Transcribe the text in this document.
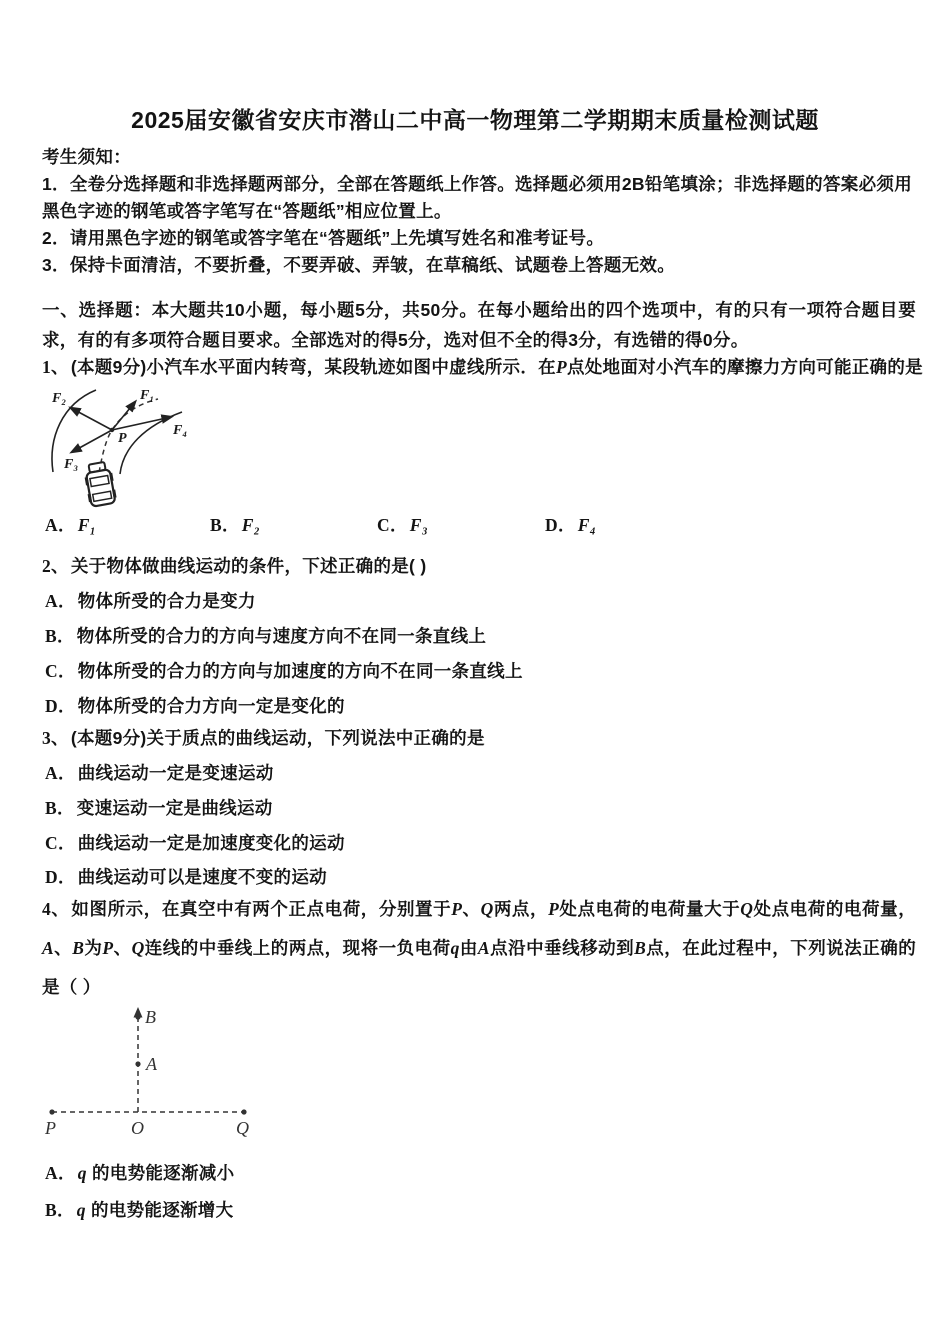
2025届安徽省安庆市潜山二中高一物理第二学期期末质量检测试题
考生须知：
1．全卷分选择题和非选择题两部分，全部在答题纸上作答。选择题必须用2B铅笔填涂；非选择题的答案必须用黑色字迹的钢笔或答字笔写在“答题纸”相应位置上。
2．请用黑色字迹的钢笔或答字笔在“答题纸”上先填写姓名和准考证号。
3．保持卡面清洁，不要折叠，不要弄破、弄皱，在草稿纸、试题卷上答题无效。
一、选择题：本大题共10小题，每小题5分，共50分。在每小题给出的四个选项中，有的只有一项符合题目要求，有的有多项符合题目要求。全部选对的得5分，选对但不全的得3分，有选错的得0分。
1、 (本题9分)小汽车水平面内转弯，某段轨迹如图中虚线所示．在P点处地面对小汽车的摩擦力方向可能正确的是
F₂	F₁
F₄
F₃
P
A． F₁	B． F₂	C． F₃	D． F₄
2、 关于物体做曲线运动的条件，下述正确的是( )
A． 物体所受的合力是变力
B． 物体所受的合力的方向与速度方向不在同一条直线上
C． 物体所受的合力的方向与加速度的方向不在同一条直线上
D． 物体所受的合力方向一定是变化的
3、 (本题9分)关于质点的曲线运动，下列说法中正确的是
A． 曲线运动一定是变速运动
B． 变速运动一定是曲线运动
C． 曲线运动一定是加速度变化的运动
D． 曲线运动可以是速度不变的运动
4、 如图所示，在真空中有两个正点电荷，分别置于P、Q两点，P处点电荷的电荷量大于Q处点电荷的电荷量，A、B为P、Q连线的中垂线上的两点，现将一负电荷q由A点沿中垂线移动到B点，在此过程中，下列说法正确的是（ ）
B
A
P	O	Q
A． q 的电势能逐渐减小
B． q 的电势能逐渐增大
